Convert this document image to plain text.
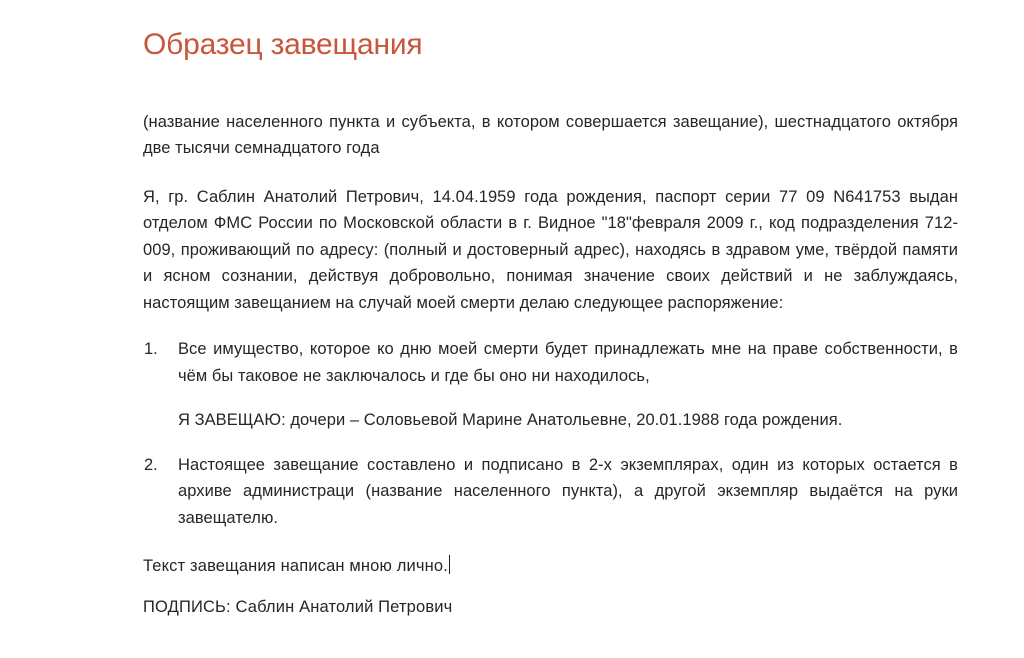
Образец завещания

(название населенного пункта и субъекта, в котором совершается завещание), шестнадцатого октября две тысячи семнадцатого года

Я, гр. Саблин Анатолий Петрович, 14.04.1959 года рождения, паспорт серии 77 09 N641753 выдан отделом ФМС России по Московской области в г. Видное "18"февраля 2009 г., код подразделения 712-009, проживающий по адресу: (полный и достоверный адрес), находясь в здравом уме, твёрдой памяти и ясном сознании, действуя добровольно, понимая значение своих действий и не заблуждаясь, настоящим завещанием на случай моей смерти делаю следующее распоряжение:

1. Все имущество, которое ко дню моей смерти будет принадлежать мне на праве собственности, в чём бы таковое не заключалось и где бы оно ни находилось,

Я ЗАВЕЩАЮ: дочери – Соловьевой Марине Анатольевне, 20.01.1988 года рождения.

2. Настоящее завещание составлено и подписано в 2-х экземплярах, один из которых остается в архиве администраци (название населенного пункта), а другой экземпляр выдаётся на руки завещателю.

Текст завещания написан мною лично.

ПОДПИСЬ: Саблин Анатолий Петрович
